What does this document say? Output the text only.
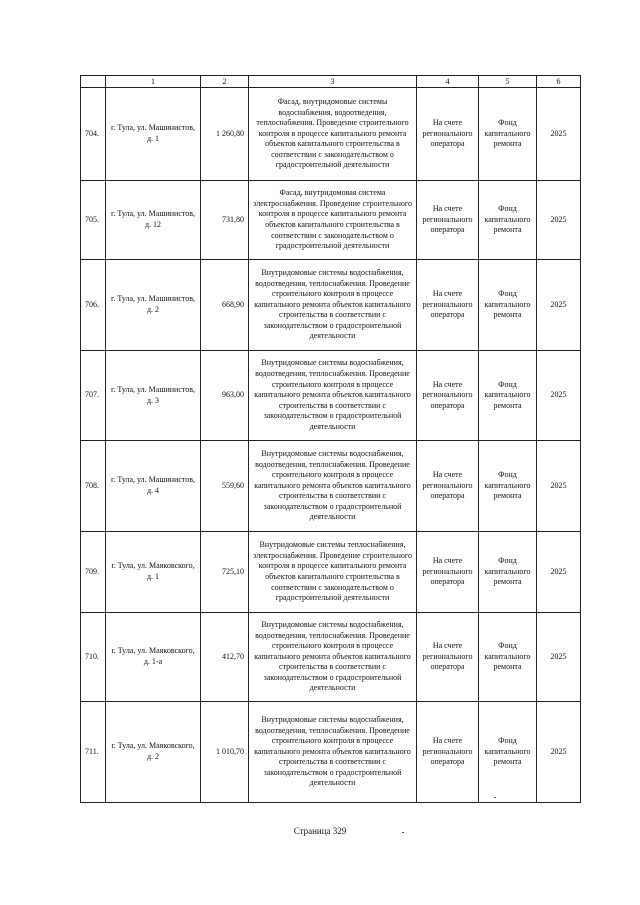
	1	2	3	4	5	6
704.	г. Тула, ул. Машинистов, д. 1	1 260,80	Фасад, внутридомовые системы водоснабжения, водоотведения, теплоснабжения. Проведение строительного контроля в процессе капитального ремонта объектов капитального строительства в соответствии с законодательством о градостроительной деятельности	На счете регионального оператора	Фонд капитального ремонта	2025
705.	г. Тула, ул. Машинистов, д. 12	731,80	Фасад, внутридомовая система электроснабжения. Проведение строительного контроля в процессе капитального ремонта объектов капитального строительства в соответствии с законодательством о градостроительной деятельности	На счете регионального оператора	Фонд капитального ремонта	2025
706.	г. Тула, ул. Машинистов, д. 2	668,90	Внутридомовые системы водоснабжения, водоотведения, теплоснабжения. Проведение строительного контроля в процессе капитального ремонта объектов капитального строительства в соответствии с законодательством о градостроительной деятельности	На счете регионального оператора	Фонд капитального ремонта	2025
707.	г. Тула, ул. Машинистов, д. 3	963,00	Внутридомовые системы водоснабжения, водоотведения, теплоснабжения. Проведение строительного контроля в процессе капитального ремонта объектов капитального строительства в соответствии с законодательством о градостроительной деятельности	На счете регионального оператора	Фонд капитального ремонта	2025
708.	г. Тула, ул. Машинистов, д. 4	559,60	Внутридомовые системы водоснабжения, водоотведения, теплоснабжения. Проведение строительного контроля в процессе капитального ремонта объектов капитального строительства в соответствии с законодательством о градостроительной деятельности	На счете регионального оператора	Фонд капитального ремонта	2025
709.	г. Тула, ул. Маяковского, д. 1	725,10	Внутридомовые системы теплоснабжения, электроснабжения. Проведение строительного контроля в процессе капитального ремонта объектов капитального строительства в соответствии с законодательством о градостроительной деятельности	На счете регионального оператора	Фонд капитального ремонта	2025
710.	г. Тула, ул. Маяковского, д. 1-а	412,70	Внутридомовые системы водоснабжения, водоотведения, теплоснабжения. Проведение строительного контроля в процессе капитального ремонта объектов капитального строительства в соответствии с законодательством о градостроительной деятельности	На счете регионального оператора	Фонд капитального ремонта	2025
711.	г. Тула, ул. Маяковского, д. 2	1 010,70	Внутридомовые системы водоснабжения, водоотведения, теплоснабжения. Проведение строительного контроля в процессе капитального ремонта объектов капитального строительства в соответствии с законодательством о градостроительной деятельности	На счете регионального оператора	Фонд капитального ремонта	2025
Страница 329
